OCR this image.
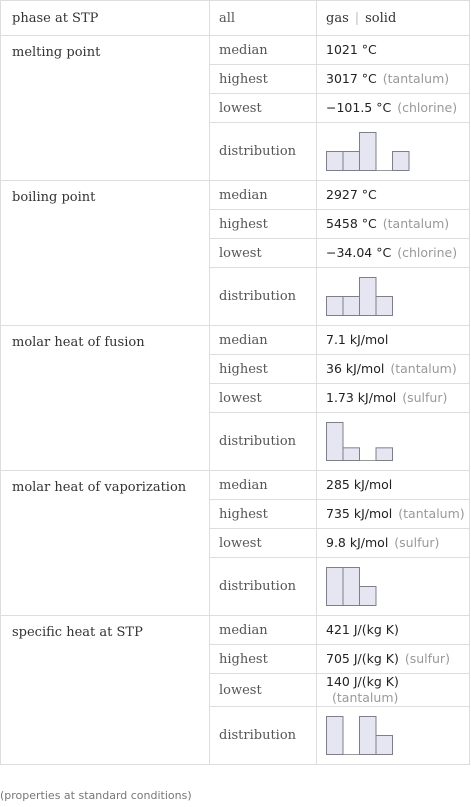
phase at STP	all	gas | solid
melting point	median	1021 °C
	highest	3017 °C (tantalum)
	lowest	−101.5 °C (chlorine)
	distribution	

boiling point	median	2927 °C
	highest	5458 °C (tantalum)
	lowest	−34.04 °C (chlorine)
	distribution	

molar heat of fusion	median	7.1 kJ/mol
	highest	36 kJ/mol (tantalum)
	lowest	1.73 kJ/mol (sulfur)
	distribution	

molar heat of vaporization	median	285 kJ/mol
	highest	735 kJ/mol (tantalum)
	lowest	9.8 kJ/mol (sulfur)
	distribution	

specific heat at STP	median	421 J/(kg K)
	highest	705 J/(kg K) (sulfur)
	lowest	140 J/(kg K)(tantalum)
	distribution	
(properties at standard conditions)
